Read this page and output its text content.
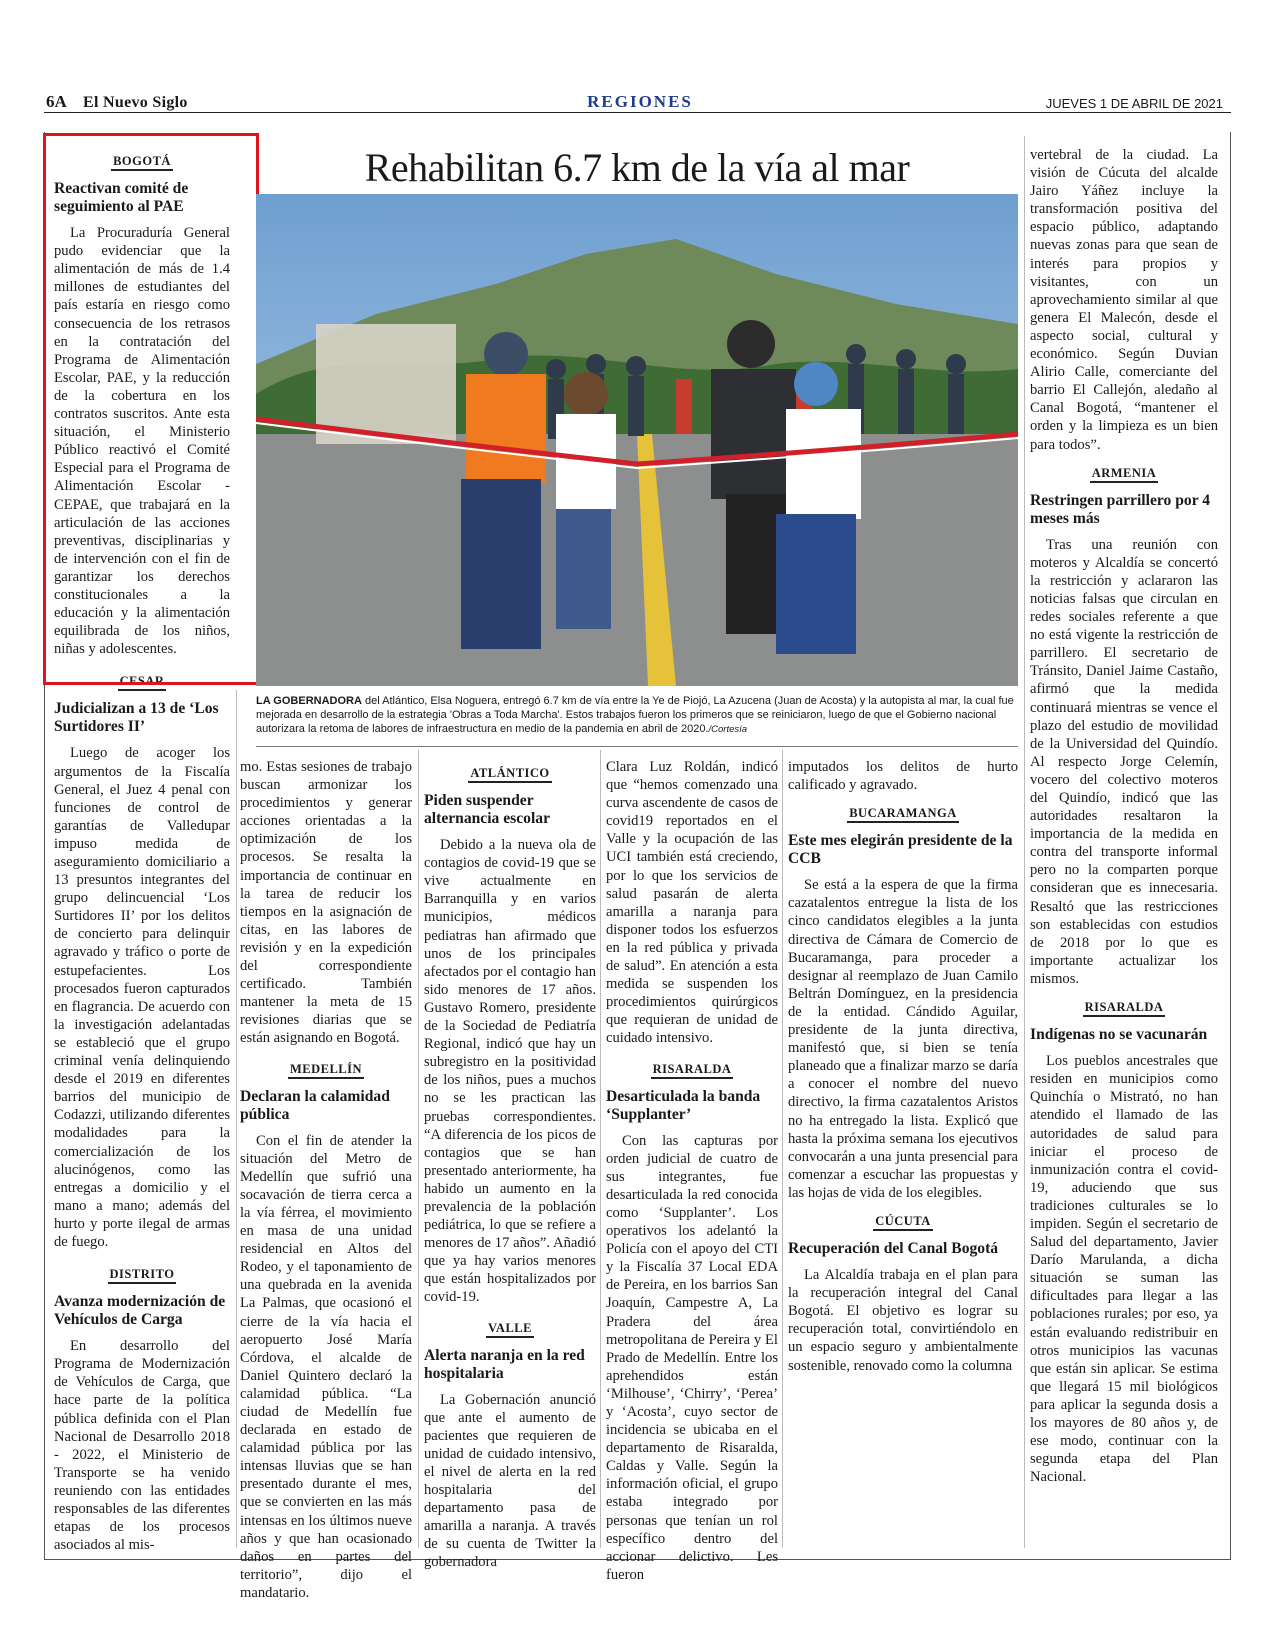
6A El Nuevo Siglo	REGIONES	JUEVES 1 DE ABRIL DE 2021
BOGOTÁ
Reactivan comité de seguimiento al PAE

La Procuraduría General pudo evidenciar que la alimentación de más de 1.4 millones de estudiantes del país estaría en riesgo como consecuencia de los retrasos en la contratación del Programa de Alimentación Escolar, PAE, y la reducción de la cobertura en los contratos suscritos. Ante esta situación, el Ministerio Público reactivó el Comité Especial para el Programa de Alimentación Escolar -CEPAE, que trabajará en la articulación de las acciones preventivas, disciplinarias y de intervención con el fin de garantizar los derechos constitucionales a la educación y la alimentación equilibrada de los niños, niñas y adolescentes.

CESAR
Judicializan a 13 de ‘Los Surtidores II’

Luego de acoger los argumentos de la Fiscalía General, el Juez 4 penal con funciones de control de garantías de Valledupar impuso medida de aseguramiento domiciliario a 13 presuntos integrantes del grupo delincuencial ‘Los Surtidores II’ por los delitos de concierto para delinquir agravado y tráfico o porte de estupefacientes. Los procesados fueron capturados en flagrancia. De acuerdo con la investigación adelantadas se estableció que el grupo criminal venía delinquiendo desde el 2019 en diferentes barrios del municipio de Codazzi, utilizando diferentes modalidades para la comercialización de los alucinógenos, como las entregas a domicilio y el mano a mano; además del hurto y porte ilegal de armas de fuego.

DISTRITO
Avanza modernización de Vehículos de Carga

En desarrollo del Programa de Modernización de Vehículos de Carga, que hace parte de la política pública definida con el Plan Nacional de Desarrollo 2018 - 2022, el Ministerio de Transporte se ha venido reuniendo con las entidades responsables de las diferentes etapas de los procesos asociados al mis-

Rehabilitan 6.7 km de la vía al mar
LA GOBERNADORA del Atlántico, Elsa Noguera, entregó 6.7 km de vía entre la Ye de Piojó, La Azucena (Juan de Acosta) y la autopista al mar, la cual fue mejorada en desarrollo de la estrategia 'Obras a Toda Marcha'. Estos trabajos fueron los primeros que se reiniciaron, luego de que el Gobierno nacional autorizara la retoma de labores de infraestructura en medio de la pandemia en abril de 2020./Cortesía

mo. Estas sesiones de trabajo buscan armonizar los procedimientos y generar acciones orientadas a la optimización de los procesos. Se resalta la importancia de continuar en la tarea de reducir los tiempos en la asignación de citas, en las labores de revisión y en la expedición del correspondiente certificado. También mantener la meta de 15 revisiones diarias que se están asignando en Bogotá.

MEDELLÍN
Declaran la calamidad pública

Con el fin de atender la situación del Metro de Medellín que sufrió una socavación de tierra cerca a la vía férrea, el movimiento en masa de una unidad residencial en Altos del Rodeo, y el taponamiento de una quebrada en la avenida La Palmas, que ocasionó el cierre de la vía hacia el aeropuerto José María Córdova, el alcalde de Daniel Quintero declaró la calamidad pública. “La ciudad de Medellín fue declarada en estado de calamidad pública por las intensas lluvias que se han presentado durante el mes, que se convierten en las más intensas en los últimos nueve años y que han ocasionado daños en partes del territorio”, dijo el mandatario.

ATLÁNTICO
Piden suspender alternancia escolar

Debido a la nueva ola de contagios de covid-19 que se vive actualmente en Barranquilla y en varios municipios, médicos pediatras han afirmado que unos de los principales afectados por el contagio han sido menores de 17 años. Gustavo Romero, presidente de la Sociedad de Pediatría Regional, indicó que hay un subregistro en la positividad de los niños, pues a muchos no se les practican las pruebas correspondientes. “A diferencia de los picos de contagios que se han presentado anteriormente, ha habido un aumento en la prevalencia de la población pediátrica, lo que se refiere a menores de 17 años”. Añadió que ya hay varios menores que están hospitalizados por covid-19.

VALLE
Alerta naranja en la red hospitalaria

La Gobernación anunció que ante el aumento de pacientes que requieren de unidad de cuidado intensivo, el nivel de alerta en la red hospitalaria del departamento pasa de amarilla a naranja. A través de su cuenta de Twitter la gobernadora

Clara Luz Roldán, indicó que “hemos comenzado una curva ascendente de casos de covid19 reportados en el Valle y la ocupación de las UCI también está creciendo, por lo que los servicios de salud pasarán de alerta amarilla a naranja para disponer todos los esfuerzos en la red pública y privada de salud”. En atención a esta medida se suspenden los procedimientos quirúrgicos que requieran de unidad de cuidado intensivo.

RISARALDA
Desarticulada la banda ‘Supplanter’

Con las capturas por orden judicial de cuatro de sus integrantes, fue desarticulada la red conocida como ‘Supplanter’. Los operativos los adelantó la Policía con el apoyo del CTI y la Fiscalía 37 Local EDA de Pereira, en los barrios San Joaquín, Campestre A, La Pradera del área metropolitana de Pereira y El Prado de Medellín. Entre los aprehendidos están ‘Milhouse’, ‘Chirry’, ‘Perea’ y ‘Acosta’, cuyo sector de incidencia se ubicaba en el departamento de Risaralda, Caldas y Valle. Según la información oficial, el grupo estaba integrado por personas que tenían un rol específico dentro del accionar delictivo. Les fueron

imputados los delitos de hurto calificado y agravado.

BUCARAMANGA
Este mes elegirán presidente de la CCB

Se está a la espera de que la firma cazatalentos entregue la lista de los cinco candidatos elegibles a la junta directiva de Cámara de Comercio de Bucaramanga, para proceder a designar al reemplazo de Juan Camilo Beltrán Domínguez, en la presidencia de la entidad. Cándido Aguilar, presidente de la junta directiva, manifestó que, si bien se tenía planeado que a finalizar marzo se daría a conocer el nombre del nuevo directivo, la firma cazatalentos Aristos no ha entregado la lista. Explicó que hasta la próxima semana los ejecutivos convocarán a una junta presencial para comenzar a escuchar las propuestas y las hojas de vida de los elegibles.

CÚCUTA
Recuperación del Canal Bogotá

La Alcaldía trabaja en el plan para la recuperación integral del Canal Bogotá. El objetivo es lograr su recuperación total, convirtiéndolo en un espacio seguro y ambientalmente sostenible, renovado como la columna

vertebral de la ciudad. La visión de Cúcuta del alcalde Jairo Yáñez incluye la transformación positiva del espacio público, adaptando nuevas zonas para que sean de interés para propios y visitantes, con un aprovechamiento similar al que genera El Malecón, desde el aspecto social, cultural y económico. Según Duvian Alirio Calle, comerciante del barrio El Callejón, aledaño al Canal Bogotá, “mantener el orden y la limpieza es un bien para todos”.

ARMENIA
Restringen parrillero por 4 meses más

Tras una reunión con moteros y Alcaldía se concertó la restricción y aclararon las noticias falsas que circulan en redes sociales referente a que no está vigente la restricción de parrillero. El secretario de Tránsito, Daniel Jaime Castaño, afirmó que la medida continuará mientras se vence el plazo del estudio de movilidad de la Universidad del Quindío. Al respecto Jorge Celemín, vocero del colectivo moteros del Quindío, indicó que las autoridades resaltaron la importancia de la medida en contra del transporte informal pero no la comparten porque consideran que es innecesaria. Resaltó que las restricciones son establecidas con estudios de 2018 por lo que es importante actualizar los mismos.

RISARALDA
Indígenas no se vacunarán

Los pueblos ancestrales que residen en municipios como Quinchía o Mistrató, no han atendido el llamado de las autoridades de salud para iniciar el proceso de inmunización contra el covid-19, aduciendo que sus tradiciones culturales se lo impiden. Según el secretario de Salud del departamento, Javier Darío Marulanda, a dicha situación se suman las dificultades para llegar a las poblaciones rurales; por eso, ya están evaluando redistribuir en otros municipios las vacunas que están sin aplicar. Se estima que llegará 15 mil biológicos para aplicar la segunda dosis a los mayores de 80 años y, de ese modo, continuar con la segunda etapa del Plan Nacional.
